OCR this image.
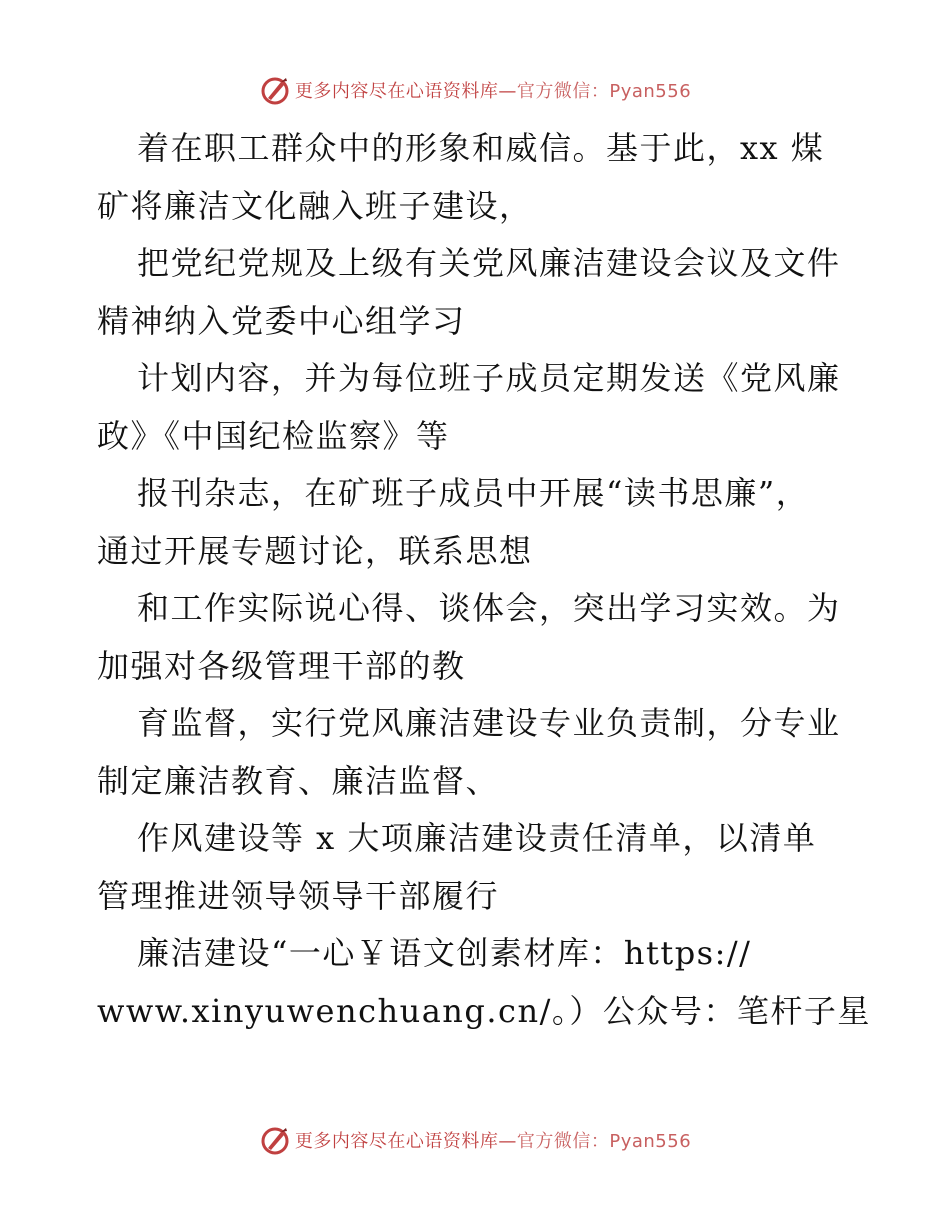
更多内容尽在心语资料库—官方微信：Pyan556
着在职工群众中的形象和威信。基于此，xx 煤
矿将廉洁文化融入班子建设，
把党纪党规及上级有关党风廉洁建设会议及文件
精神纳入党委中心组学习
计划内容，并为每位班子成员定期发送《党风廉
政》《中国纪检监察》等
报刊杂志，在矿班子成员中开展“读书思廉”，
通过开展专题讨论，联系思想
和工作实际说心得、谈体会，突出学习实效。为
加强对各级管理干部的教
育监督，实行党风廉洁建设专业负责制，分专业
制定廉洁教育、廉洁监督、
作风建设等 x 大项廉洁建设责任清单，以清单
管理推进领导领导干部履行
廉洁建设“一心￥语文创素材库：https://
www.xinyuwenchuang.cn/。）公众号：笔杆子星
更多内容尽在心语资料库—官方微信：Pyan556
